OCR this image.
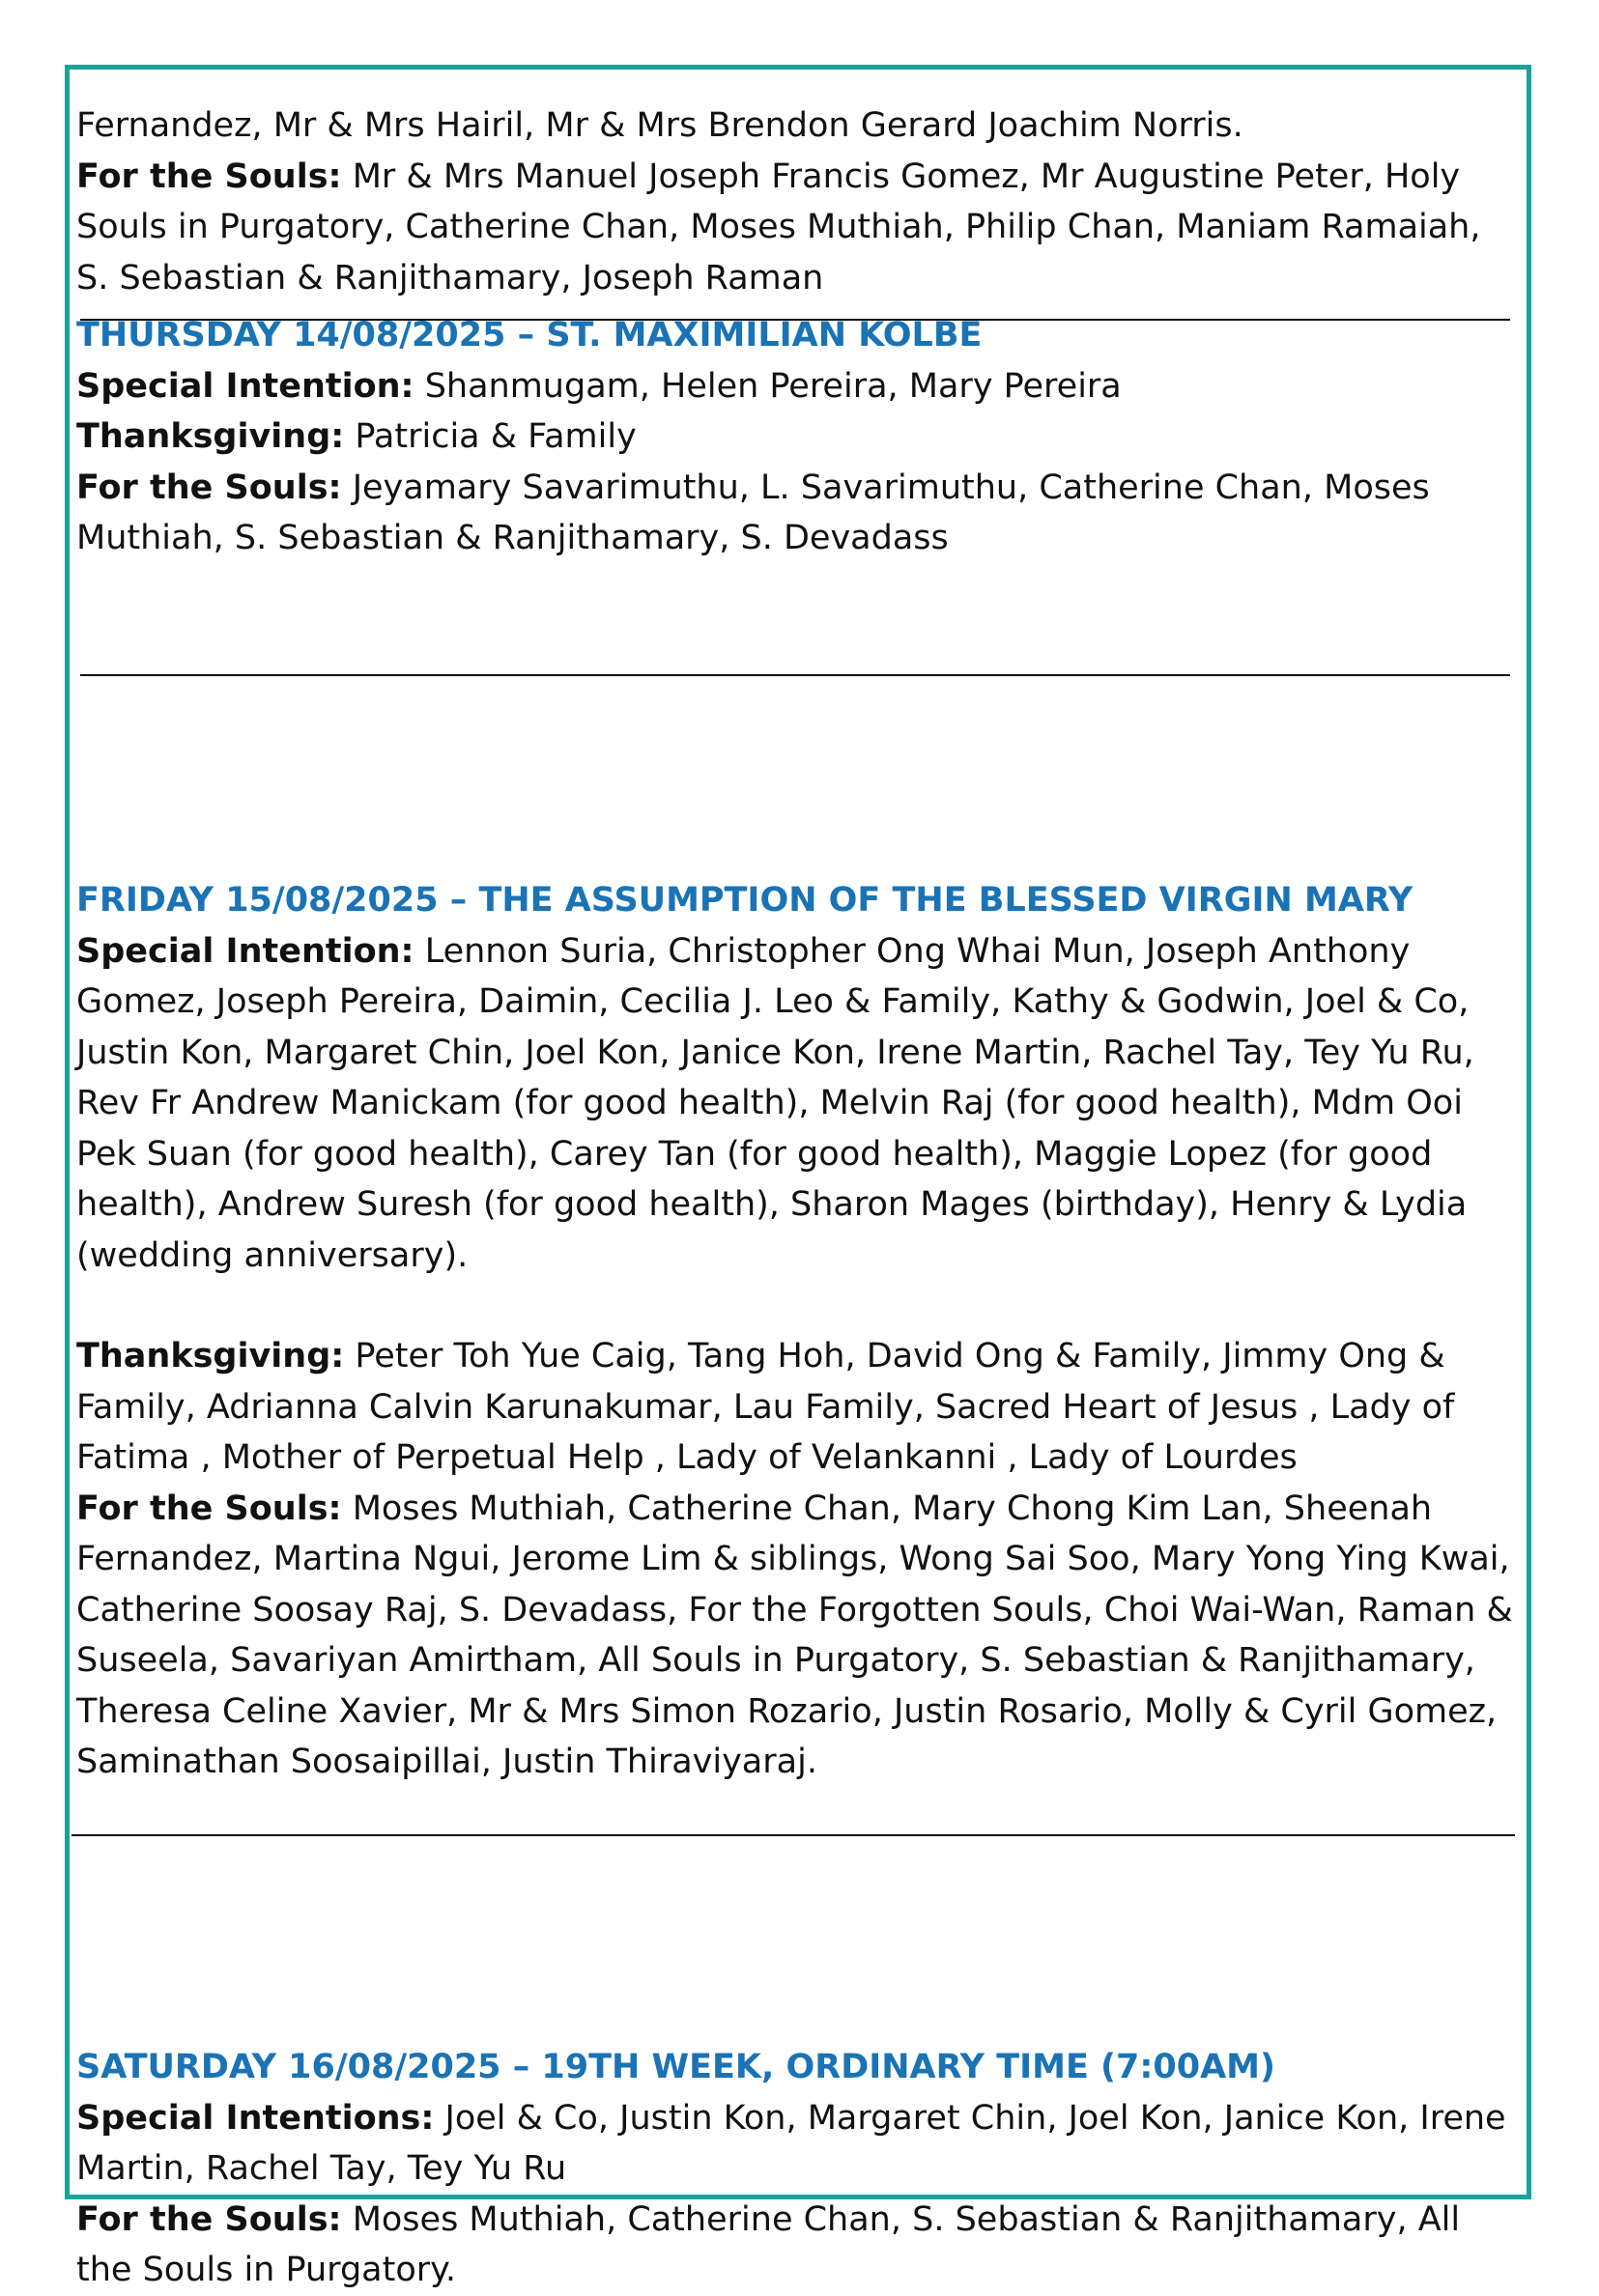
Fernandez, Mr & Mrs Hairil, Mr & Mrs Brendon Gerard Joachim Norris.

For the Souls: Mr & Mrs Manuel Joseph Francis Gomez, Mr Augustine Peter, Holy Souls in Purgatory, Catherine Chan, Moses Muthiah, Philip Chan, Maniam Ramaiah, S. Sebastian & Ranjithamary, Joseph Raman

THURSDAY 14/08/2025 – ST. MAXIMILIAN KOLBE

Special Intention: Shanmugam, Helen Pereira, Mary Pereira

Thanksgiving: Patricia & Family

For the Souls: Jeyamary Savarimuthu, L. Savarimuthu, Catherine Chan, Moses Muthiah, S. Sebastian & Ranjithamary, S. Devadass

FRIDAY 15/08/2025 – THE ASSUMPTION OF THE BLESSED VIRGIN MARY

Special Intention: Lennon Suria, Christopher Ong Whai Mun, Joseph Anthony Gomez, Joseph Pereira, Daimin, Cecilia J. Leo & Family, Kathy & Godwin, Joel & Co, Justin Kon, Margaret Chin, Joel Kon, Janice Kon, Irene Martin, Rachel Tay, Tey Yu Ru, Rev Fr Andrew Manickam (for good health), Melvin Raj (for good health), Mdm Ooi Pek Suan (for good health), Carey Tan (for good health), Maggie Lopez (for good health), Andrew Suresh (for good health), Sharon Mages (birthday), Henry & Lydia (wedding anniversary).

Thanksgiving: Peter Toh Yue Caig, Tang Hoh, David Ong & Family, Jimmy Ong & Family, Adrianna Calvin Karunakumar, Lau Family, Sacred Heart of Jesus , Lady of Fatima , Mother of Perpetual Help , Lady of Velankanni , Lady of Lourdes

For the Souls: Moses Muthiah, Catherine Chan, Mary Chong Kim Lan, Sheenah Fernandez, Martina Ngui, Jerome Lim & siblings, Wong Sai Soo, Mary Yong Ying Kwai, Catherine Soosay Raj, S. Devadass, For the Forgotten Souls, Choi Wai-Wan, Raman & Suseela, Savariyan Amirtham, All Souls in Purgatory, S. Sebastian & Ranjithamary, Theresa Celine Xavier, Mr & Mrs Simon Rozario, Justin Rosario, Molly & Cyril Gomez, Saminathan Soosaipillai, Justin Thiraviyaraj.

SATURDAY 16/08/2025 – 19TH WEEK, ORDINARY TIME (7:00AM)

Special Intentions: Joel & Co, Justin Kon, Margaret Chin, Joel Kon, Janice Kon, Irene Martin, Rachel Tay, Tey Yu Ru

For the Souls: Moses Muthiah, Catherine Chan, S. Sebastian & Ranjithamary, All the Souls in Purgatory.
